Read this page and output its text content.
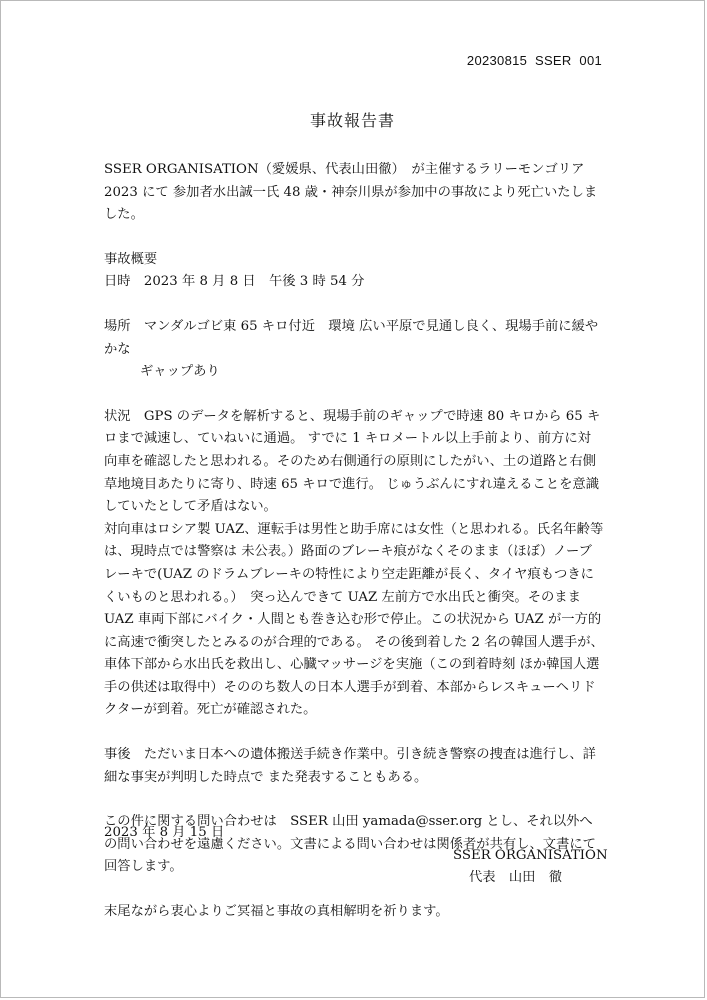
20230815  SSER  001
事故報告書

SSER ORGANISATION（愛媛県、代表山田徹）　が主催するラリーモンゴリア 2023 にて 参加者水出誠一氏 48 歳・神奈川県が参加中の事故により死亡いたしました。

事故概要

日時　2023 年 8 月 8 日　午後 3 時 54 分

場所　マンダルゴビ東 65 キロ付近　環境 広い平原で見通し良く、現場手前に緩やかな

ギャップあり

状況　GPS のデータを解析すると、現場手前のギャップで時速 80 キロから 65 キロまで減速し、ていねいに通過。 すでに 1 キロメートル以上手前より、前方に対向車を確認したと思われる。そのため右側通行の原則にしたがい、土の道路と右側草地境目あたりに寄り、時速 65 キロで進行。 じゅうぶんにすれ違えることを意識していたとして矛盾はない。

対向車はロシア製 UAZ、運転手は男性と助手席には女性（と思われる。氏名年齢等は、現時点では警察は 未公表。）路面のブレーキ痕がなくそのまま（ほぼ）ノーブレーキで(UAZ のドラムブレーキの特性により空走距離が長く、タイヤ痕もつきにくいものと思われる。）　突っ込んできて UAZ 左前方で水出氏と衝突。そのまま UAZ 車両下部にバイク・人間とも巻き込む形で停止。この状況から UAZ が一方的に高速で衝突したとみるのが合理的である。 その後到着した 2 名の韓国人選手が、車体下部から水出氏を救出し、心臓マッサージを実施（この到着時刻 ほか韓国人選手の供述は取得中）そののち数人の日本人選手が到着、本部からレスキューヘリドクターが到着。死亡が確認された。

事後　ただいま日本への遺体搬送手続き作業中。引き続き警察の捜査は進行し、詳細な事実が判明した時点で また発表することもある。

この件に関する問い合わせは　SSER 山田 yamada@sser.org とし、それ以外への問い合わせを遠慮ください。文書による問い合わせは関係者が共有し、文書にて回答します。

末尾ながら衷心よりご冥福と事故の真相解明を祈ります。

2023 年 8 月 15 日
SSER ORGANISATION
代表　山田　徹
